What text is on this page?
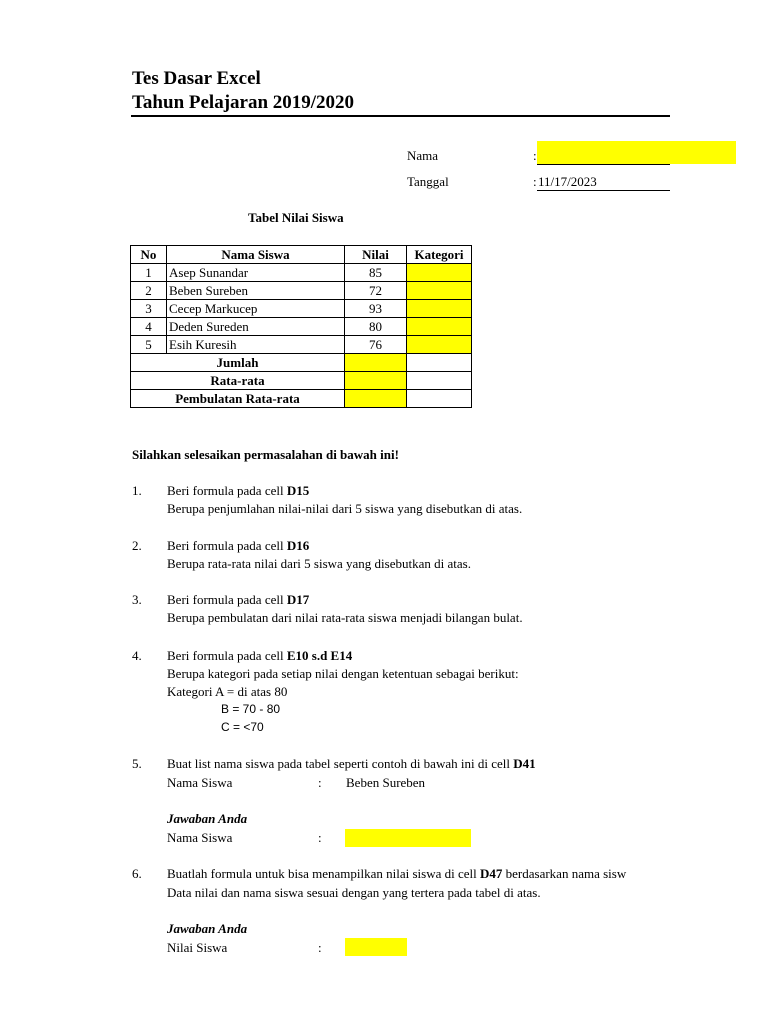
Tes Dasar Excel
Tahun Pelajaran 2019/2020
Nama	:
Tanggal	: 11/17/2023
Tabel Nilai Siswa
No	Nama Siswa	Nilai	Kategori
1	Asep Sunandar	85	
2	Beben Sureben	72	
3	Cecep Markucep	93	
4	Deden Sureden	80	
5	Esih Kuresih	76	
Jumlah			
Rata-rata			
Pembulatan Rata-rata			
Silahkan selesaikan permasalahan di bawah ini!
1. Beri formula pada cell D15
Berupa penjumlahan nilai-nilai dari 5 siswa yang disebutkan di atas.
2. Beri formula pada cell D16
Berupa rata-rata nilai dari 5 siswa yang disebutkan di atas.
3. Beri formula pada cell D17
Berupa pembulatan dari nilai rata-rata siswa menjadi bilangan bulat.
4. Beri formula pada cell E10 s.d E14
Berupa kategori pada setiap nilai dengan ketentuan sebagai berikut:
Kategori A = di atas 80
B = 70 - 80
C = <70
5. Buat list nama siswa pada tabel seperti contoh di bawah ini di cell D41
Nama Siswa	: Beben Sureben
Jawaban Anda
Nama Siswa	:
6. Buatlah formula untuk bisa menampilkan nilai siswa di cell D47 berdasarkan nama sisw
Data nilai dan nama siswa sesuai dengan yang tertera pada tabel di atas.
Jawaban Anda
Nilai Siswa	:
